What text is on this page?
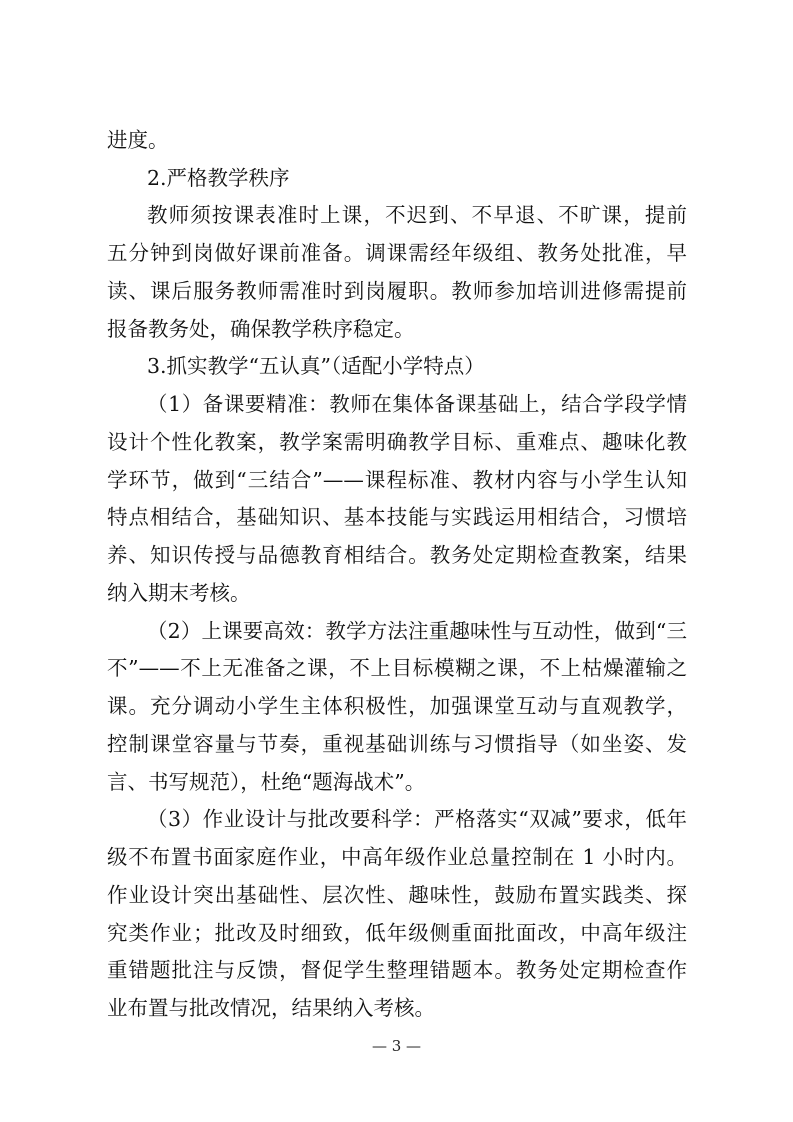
进度。
2.严格教学秩序
教师须按课表准时上课，不迟到、不早退、不旷课，提前
五分钟到岗做好课前准备。调课需经年级组、教务处批准，早
读、课后服务教师需准时到岗履职。教师参加培训进修需提前
报备教务处，确保教学秩序稳定。
3.抓实教学“五认真”（适配小学特点）
（1）备课要精准：教师在集体备课基础上，结合学段学情
设计个性化教案，教学案需明确教学目标、重难点、趣味化教
学环节，做到“三结合”——课程标准、教材内容与小学生认知
特点相结合，基础知识、基本技能与实践运用相结合，习惯培
养、知识传授与品德教育相结合。教务处定期检查教案，结果
纳入期末考核。
（2）上课要高效：教学方法注重趣味性与互动性，做到“三
不”——不上无准备之课，不上目标模糊之课，不上枯燥灌输之
课。充分调动小学生主体积极性，加强课堂互动与直观教学，
控制课堂容量与节奏，重视基础训练与习惯指导（如坐姿、发
言、书写规范），杜绝“题海战术”。
（3）作业设计与批改要科学：严格落实“双减”要求，低年
级不布置书面家庭作业，中高年级作业总量控制在 1 小时内。
作业设计突出基础性、层次性、趣味性，鼓励布置实践类、探
究类作业；批改及时细致，低年级侧重面批面改，中高年级注
重错题批注与反馈，督促学生整理错题本。教务处定期检查作
业布置与批改情况，结果纳入考核。
— 3 —
